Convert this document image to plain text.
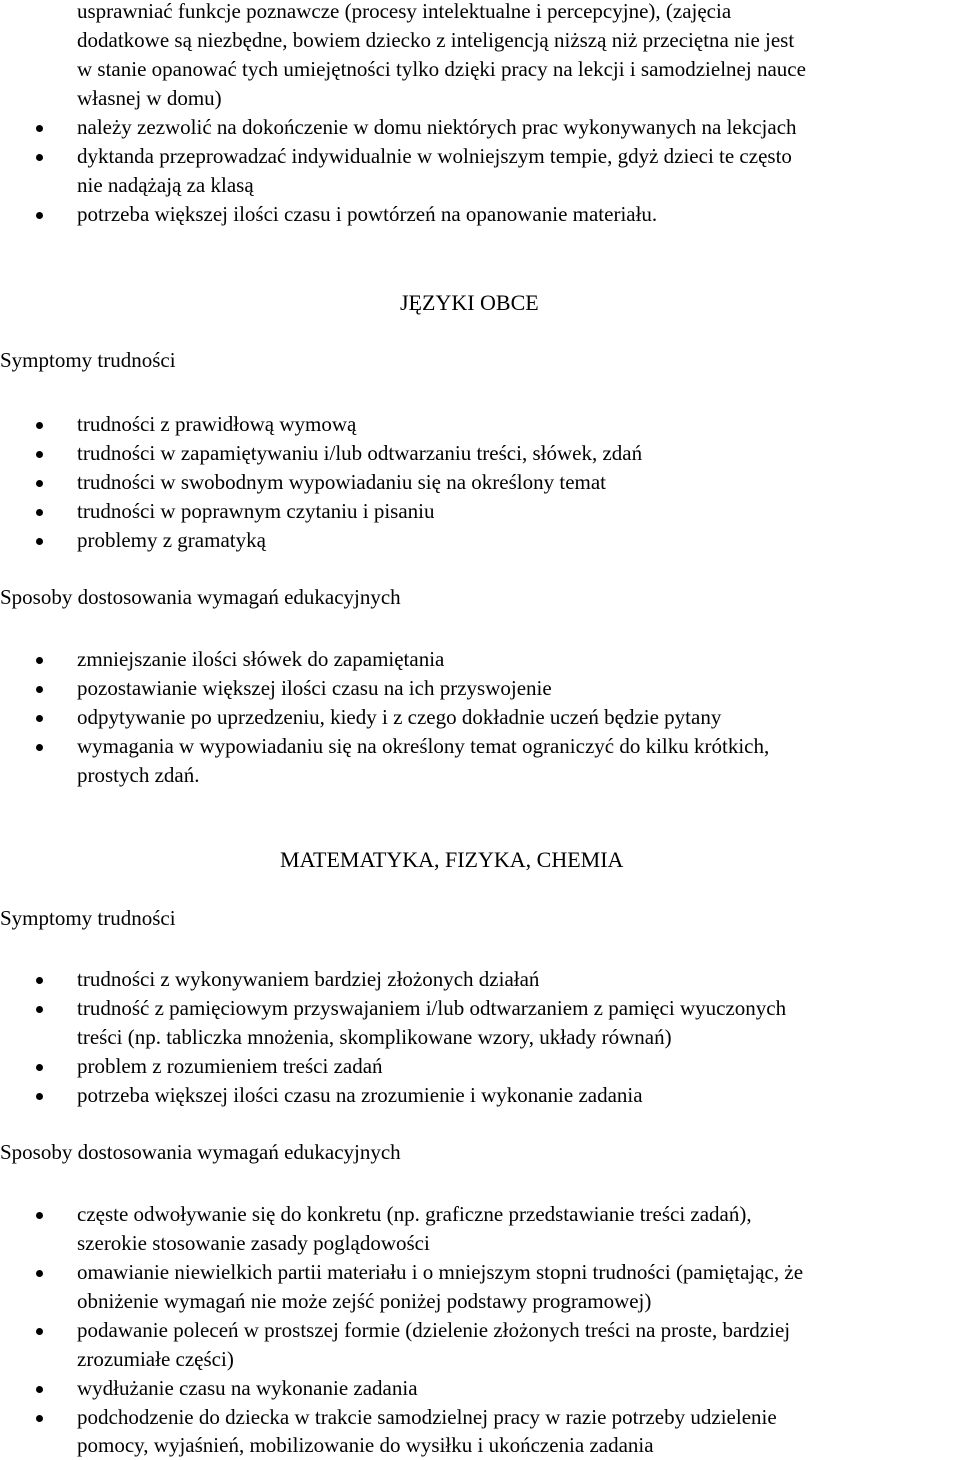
usprawniać funkcje poznawcze (procesy intelektualne i percepcyjne), (zajęcia
dodatkowe są niezbędne, bowiem dziecko z inteligencją niższą niż przeciętna nie jest
w stanie opanować tych umiejętności tylko dzięki pracy na lekcji i samodzielnej nauce
własnej w domu)
należy zezwolić na dokończenie w domu niektórych prac wykonywanych na lekcjach
dyktanda przeprowadzać indywidualnie w wolniejszym tempie, gdyż dzieci te często
nie nadążają za klasą
potrzeba większej ilości czasu i powtórzeń na opanowanie materiału.
JĘZYKI OBCE
Symptomy trudności
trudności z prawidłową wymową
trudności w zapamiętywaniu i/lub odtwarzaniu treści, słówek, zdań
trudności w swobodnym wypowiadaniu się na określony temat
trudności w poprawnym czytaniu i pisaniu
problemy z gramatyką
Sposoby dostosowania wymagań edukacyjnych
zmniejszanie ilości słówek do zapamiętania
pozostawianie większej ilości czasu na ich przyswojenie
odpytywanie po uprzedzeniu, kiedy i z czego dokładnie uczeń będzie pytany
wymagania w wypowiadaniu się na określony temat ograniczyć do kilku krótkich,
prostych zdań.
MATEMATYKA, FIZYKA, CHEMIA
Symptomy trudności
trudności z wykonywaniem bardziej złożonych działań
trudność z pamięciowym przyswajaniem i/lub odtwarzaniem z pamięci wyuczonych
treści (np. tabliczka mnożenia, skomplikowane wzory, układy równań)
problem z rozumieniem treści zadań
potrzeba większej ilości czasu na zrozumienie i wykonanie zadania
Sposoby dostosowania wymagań edukacyjnych
częste odwoływanie się do konkretu (np. graficzne przedstawianie treści zadań),
szerokie stosowanie zasady poglądowości
omawianie niewielkich partii materiału i o mniejszym stopni trudności (pamiętając, że
obniżenie wymagań nie może zejść poniżej podstawy programowej)
podawanie poleceń w prostszej formie (dzielenie złożonych treści na proste, bardziej
zrozumiałe części)
wydłużanie czasu na wykonanie zadania
podchodzenie do dziecka w trakcie samodzielnej pracy w razie potrzeby udzielenie
pomocy, wyjaśnień, mobilizowanie do wysiłku i ukończenia zadania
